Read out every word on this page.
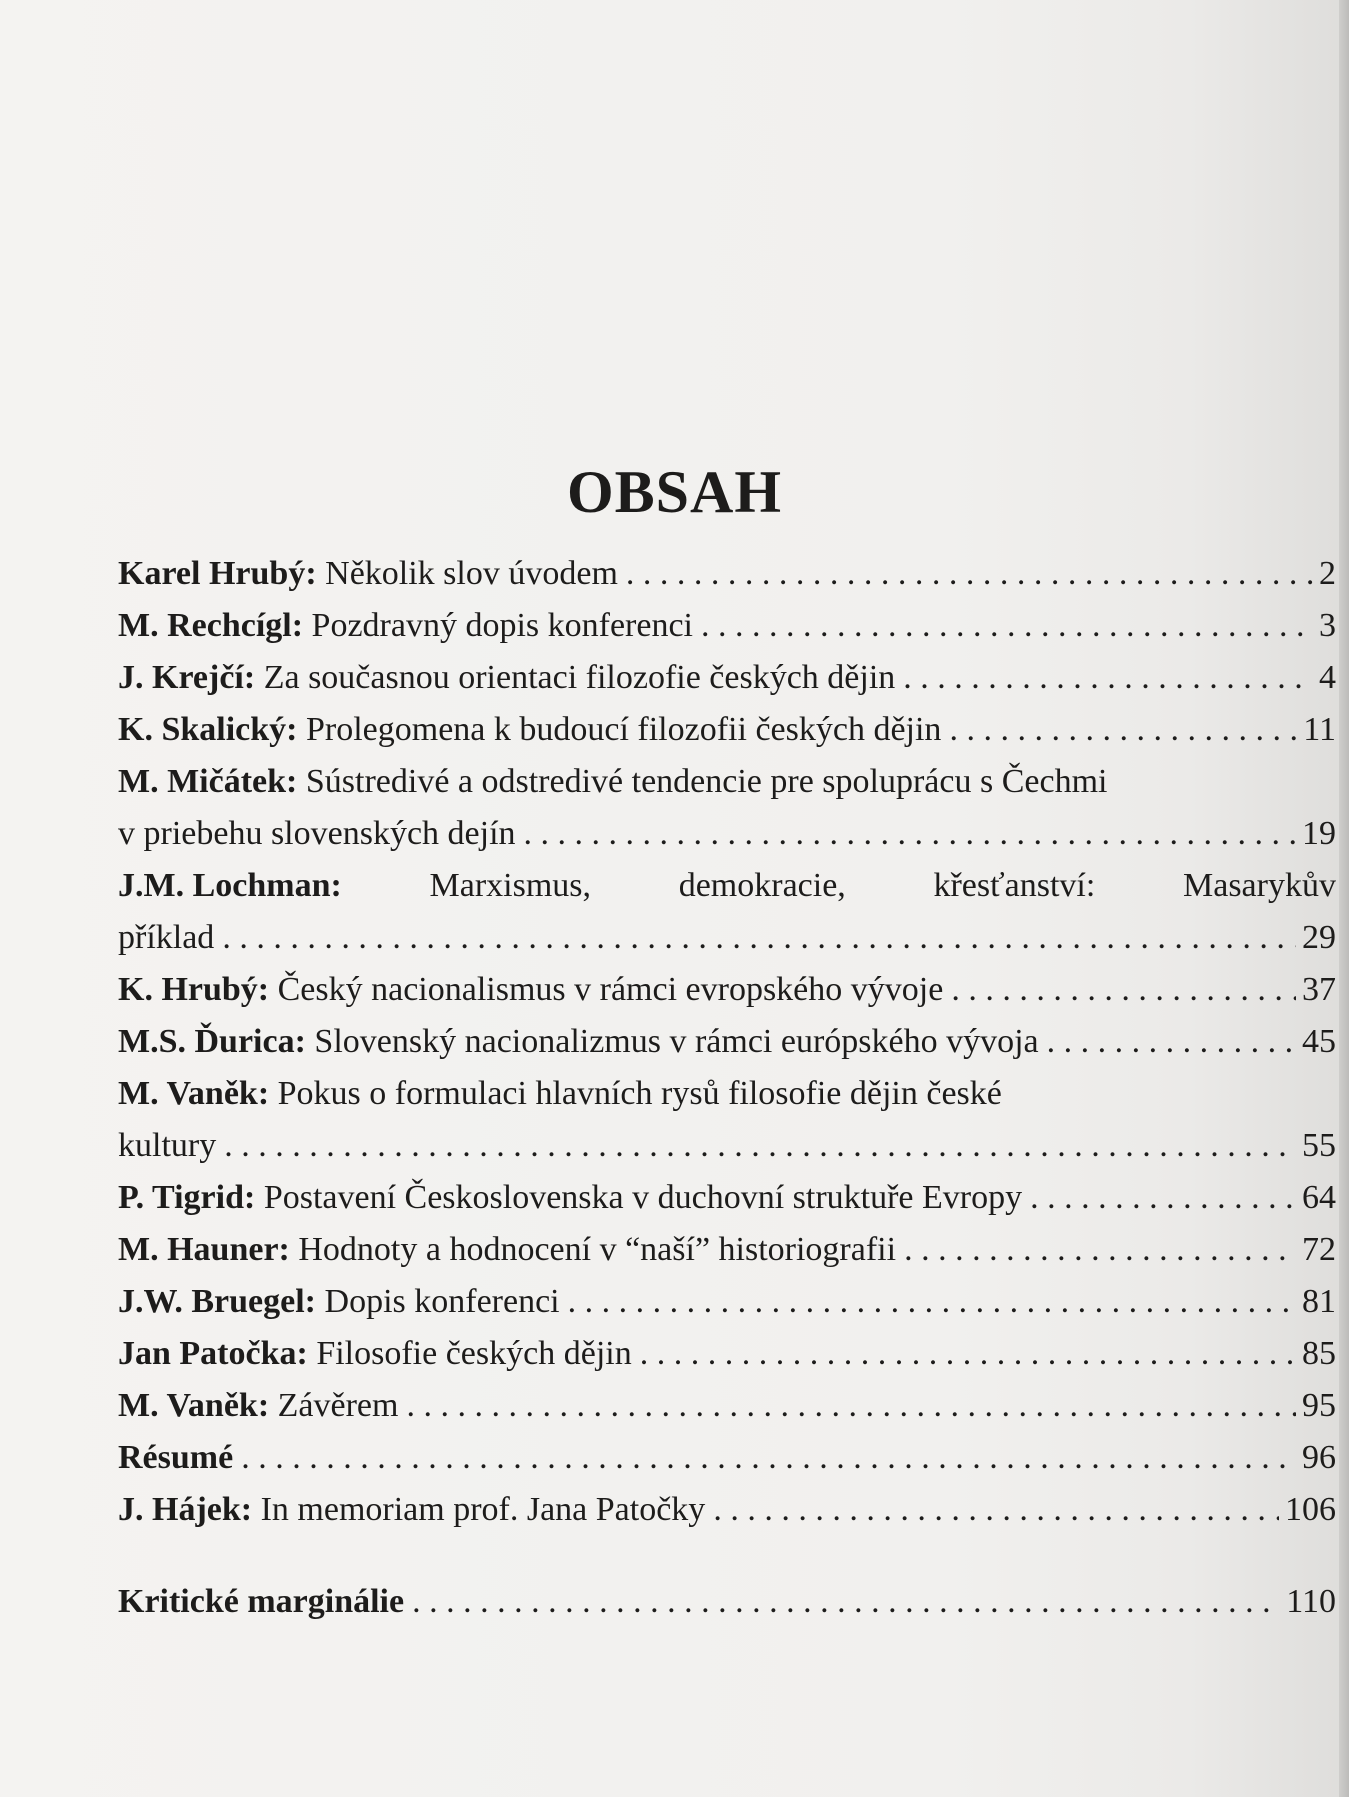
OBSAH
Karel Hrubý: Několik slov úvodem . . .	2
M. Rechcígl: Pozdravný dopis konferenci . . .	3
J. Krejčí: Za současnou orientaci filozofie českých dějin . . .	4
K. Skalický: Prolegomena k budoucí filozofii českých dějin . . .	11
M. Mičátek: Sústredivé a odstredivé tendencie pre spoluprácu s Čechmi
v priebehu slovenských dejín . . .	19
J.M. Lochman:	Marxismus,	demokracie,	křesťanství:	Masarykův
příklad . . .	29
K. Hrubý: Český nacionalismus v rámci evropského vývoje . . .	37
M.S. Ďurica: Slovenský nacionalizmus v rámci európského vývoja . . .	45
M. Vaněk: Pokus o formulaci hlavních rysů filosofie dějin české
kultury . . .	55
P. Tigrid: Postavení Československa v duchovní struktuře Evropy . . .	64
M. Hauner: Hodnoty a hodnocení v “naší” historiografii . . .	72
J.W. Bruegel: Dopis konferenci . . .	81
Jan Patočka: Filosofie českých dějin . . .	85
M. Vaněk: Závěrem . . .	95
Résumé . . .	96
J. Hájek: In memoriam prof. Jana Patočky . . .	106
Kritické marginálie . . .	110
